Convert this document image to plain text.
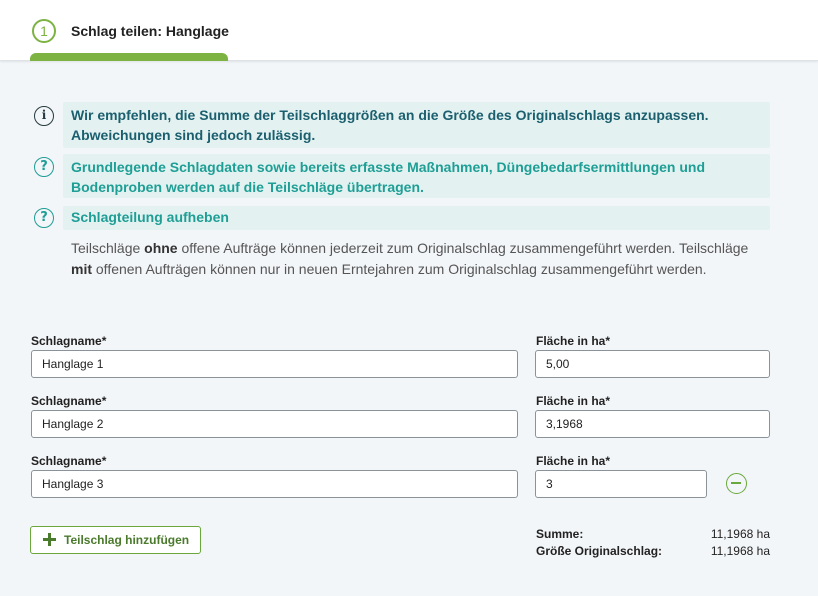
1	Schlag teilen: Hanglage
i	Wir empfehlen, die Summe der Teilschlaggrößen an die Größe des Originalschlags anzupassen. Abweichungen sind jedoch zulässig.
?	Grundlegende Schlagdaten sowie bereits erfasste Maßnahmen, Düngebedarfsermittlungen und Bodenproben werden auf die Teilschläge übertragen.
?	Schlagteilung aufheben
Teilschläge ohne offene Aufträge können jederzeit zum Originalschlag zusammengeführt werden. Teilschläge mit offenen Aufträgen können nur in neuen Erntejahren zum Originalschlag zusammengeführt werden.
Schlagname*
Hanglage 1
Fläche in ha*
5,00
Schlagname*
Hanglage 2
Fläche in ha*
3,1968
Schlagname*
Hanglage 3
Fläche in ha*
3
Teilschlag hinzufügen	Summe:	11,1968 ha
Größe Originalschlag:	11,1968 ha
